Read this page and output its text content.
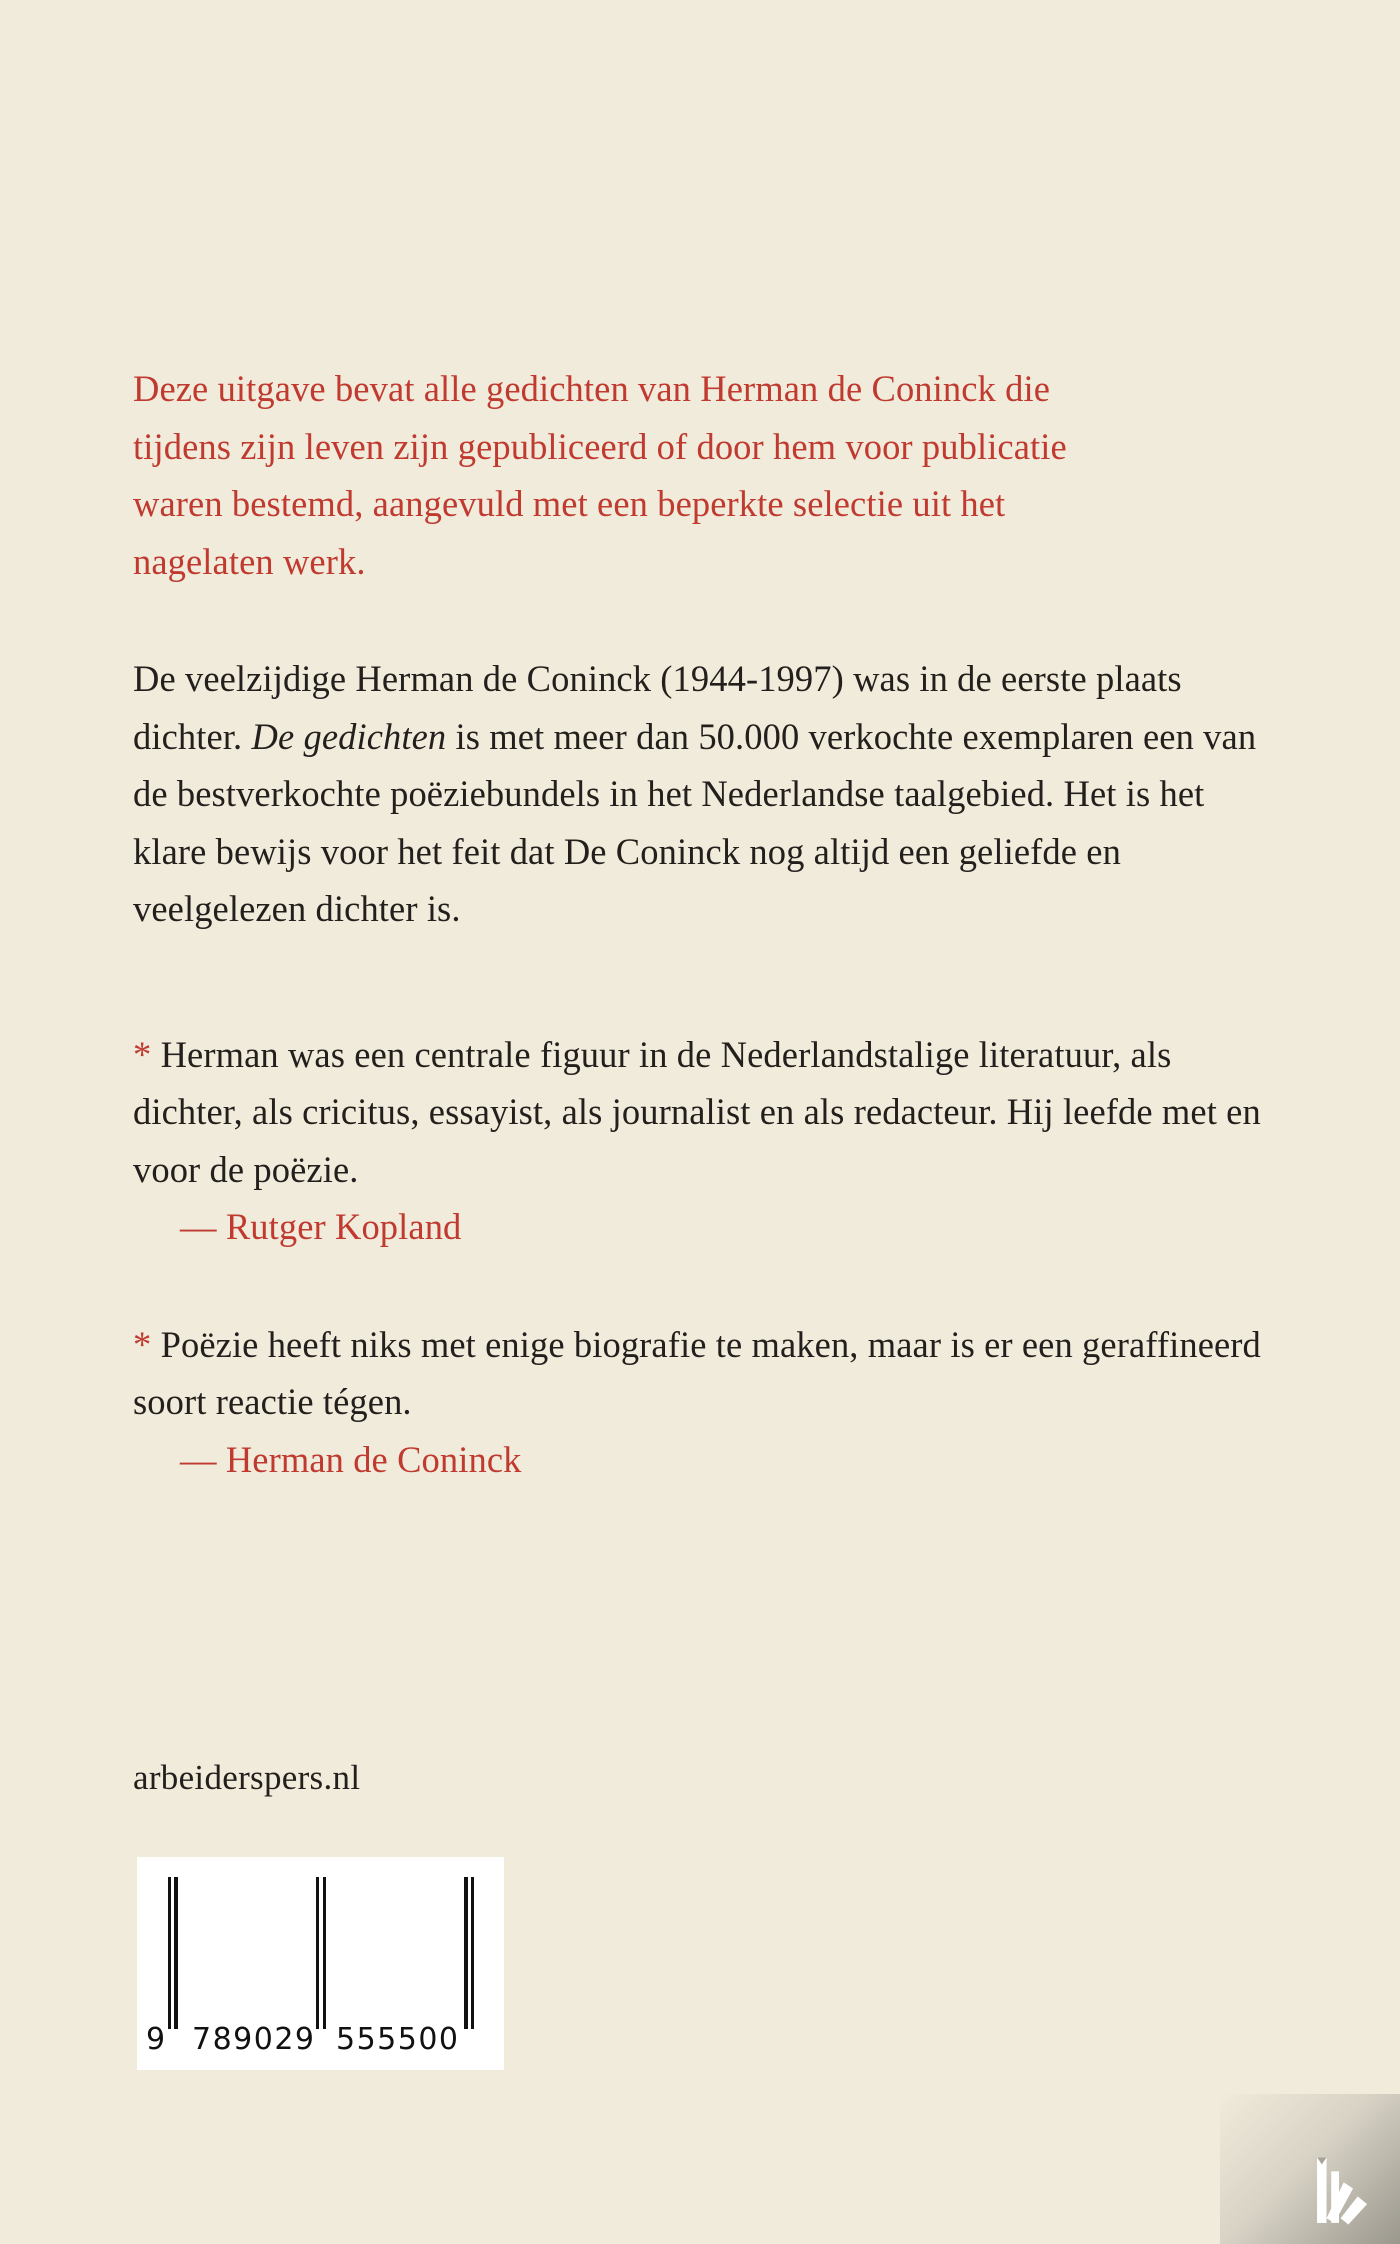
Deze uitgave bevat alle gedichten van Herman de Coninck die
tijdens zijn leven zijn gepubliceerd of door hem voor publicatie
waren bestemd, aangevuld met een beperkte selectie uit het
nagelaten werk.

De veelzijdige Herman de Coninck (1944-1997) was in de eerste plaats dichter. De gedichten is met meer dan 50.000 verkochte exemplaren een van de bestverkochte poëziebundels in het Nederlandse taalgebied. Het is het klare bewijs voor het feit dat De Coninck nog altijd een geliefde en veelgelezen dichter is.

* Herman was een centrale figuur in de Nederlandstalige literatuur, als dichter, als cricitus, essayist, als journalist en als redacteur. Hij leefde met en voor de poëzie.
— Rutger Kopland

* Poëzie heeft niks met enige biografie te maken, maar is er een geraffineerd soort reactie tégen.
— Herman de Coninck

arbeiderspers.nl
9 789029 555500
